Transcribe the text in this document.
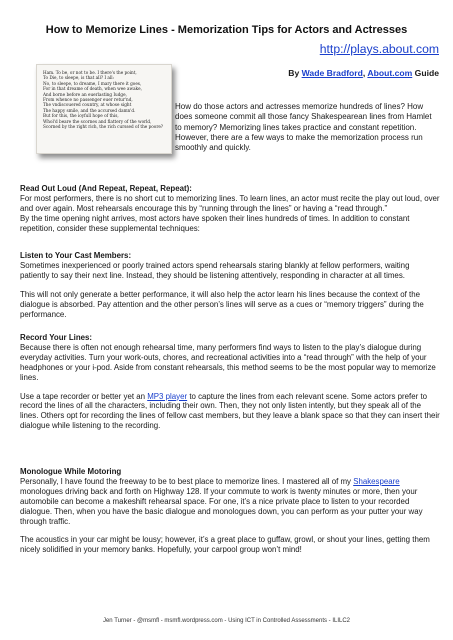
How to Memorize Lines - Memorization Tips for Actors and Actresses
http://plays.about.com
By Wade Bradford, About.com Guide
Ham. To be, or not to be. I there's the point,
To Die, to sleepe, is that all? I all:
No, to sleepe, to dreame, I mary there it goes,
For in that dreame of death, when wee awake,
And borne before an euerlasting Iudge,
From whence no passenger euer retur'nd,
The vndiscouered country, at whose sight
The happy smile, and the accursed damn'd.
But for this, the ioyfull hope of this,
Whol'd beare the scornes and flattery of the world,
Scorned by the right rich, the rich curssed of the poore?
How do those actors and actresses memorize hundreds of lines? How does someone commit all those fancy Shakespearean lines from Hamlet to memory? Memorizing lines takes practice and constant repetition. However, there are a few ways to make the memorization process run smoothly and quickly.

Read Out Loud (And Repeat, Repeat, Repeat):

For most performers, there is no short cut to memorizing lines. To learn lines, an actor must recite the play out loud, over and over again. Most rehearsals encourage this by “running through the lines” or having a “read through.”

By the time opening night arrives, most actors have spoken their lines hundreds of times. In addition to constant repetition, consider these supplemental techniques:

Listen to Your Cast Members:

Sometimes inexperienced or poorly trained actors spend rehearsals staring blankly at fellow performers, waiting patiently to say their next line. Instead, they should be listening attentively, responding in character at all times.

This will not only generate a better performance, it will also help the actor learn his lines because the context of the dialogue is absorbed. Pay attention and the other person’s lines will serve as a cues or “memory triggers” during the performance.

Record Your Lines:

Because there is often not enough rehearsal time, many performers find ways to listen to the play’s dialogue during everyday activities. Turn your work-outs, chores, and recreational activities into a “read through” with the help of your headphones or your i-pod. Aside from constant rehearsals, this method seems to be the most popular way to memorize lines.

Use a tape recorder or better yet an MP3 player to capture the lines from each relevant scene. Some actors prefer to record the lines of all the characters, including their own. Then, they not only listen intently, but they speak all of the lines. Others opt for recording the lines of fellow cast members, but they leave a blank space so that they can insert their dialogue while listening to the recording.

Monologue While Motoring

Personally, I have found the freeway to be to best place to memorize lines. I mastered all of my Shakespeare monologues driving back and forth on Highway 128. If your commute to work is twenty minutes or more, then your automobile can become a makeshift rehearsal space. For one, it’s a nice private place to listen to your recorded dialogue. Then, when you have the basic dialogue and monologues down, you can perform as your putter your way through traffic.

The acoustics in your car might be lousy; however, it’s a great place to guffaw, growl, or shout your lines, getting them nicely solidified in your memory banks. Hopefully, your carpool group won’t mind!

Jen Turner - @msmfl - msmfl.wordpress.com - Using ICT in Controlled Assessments - ILILC2
